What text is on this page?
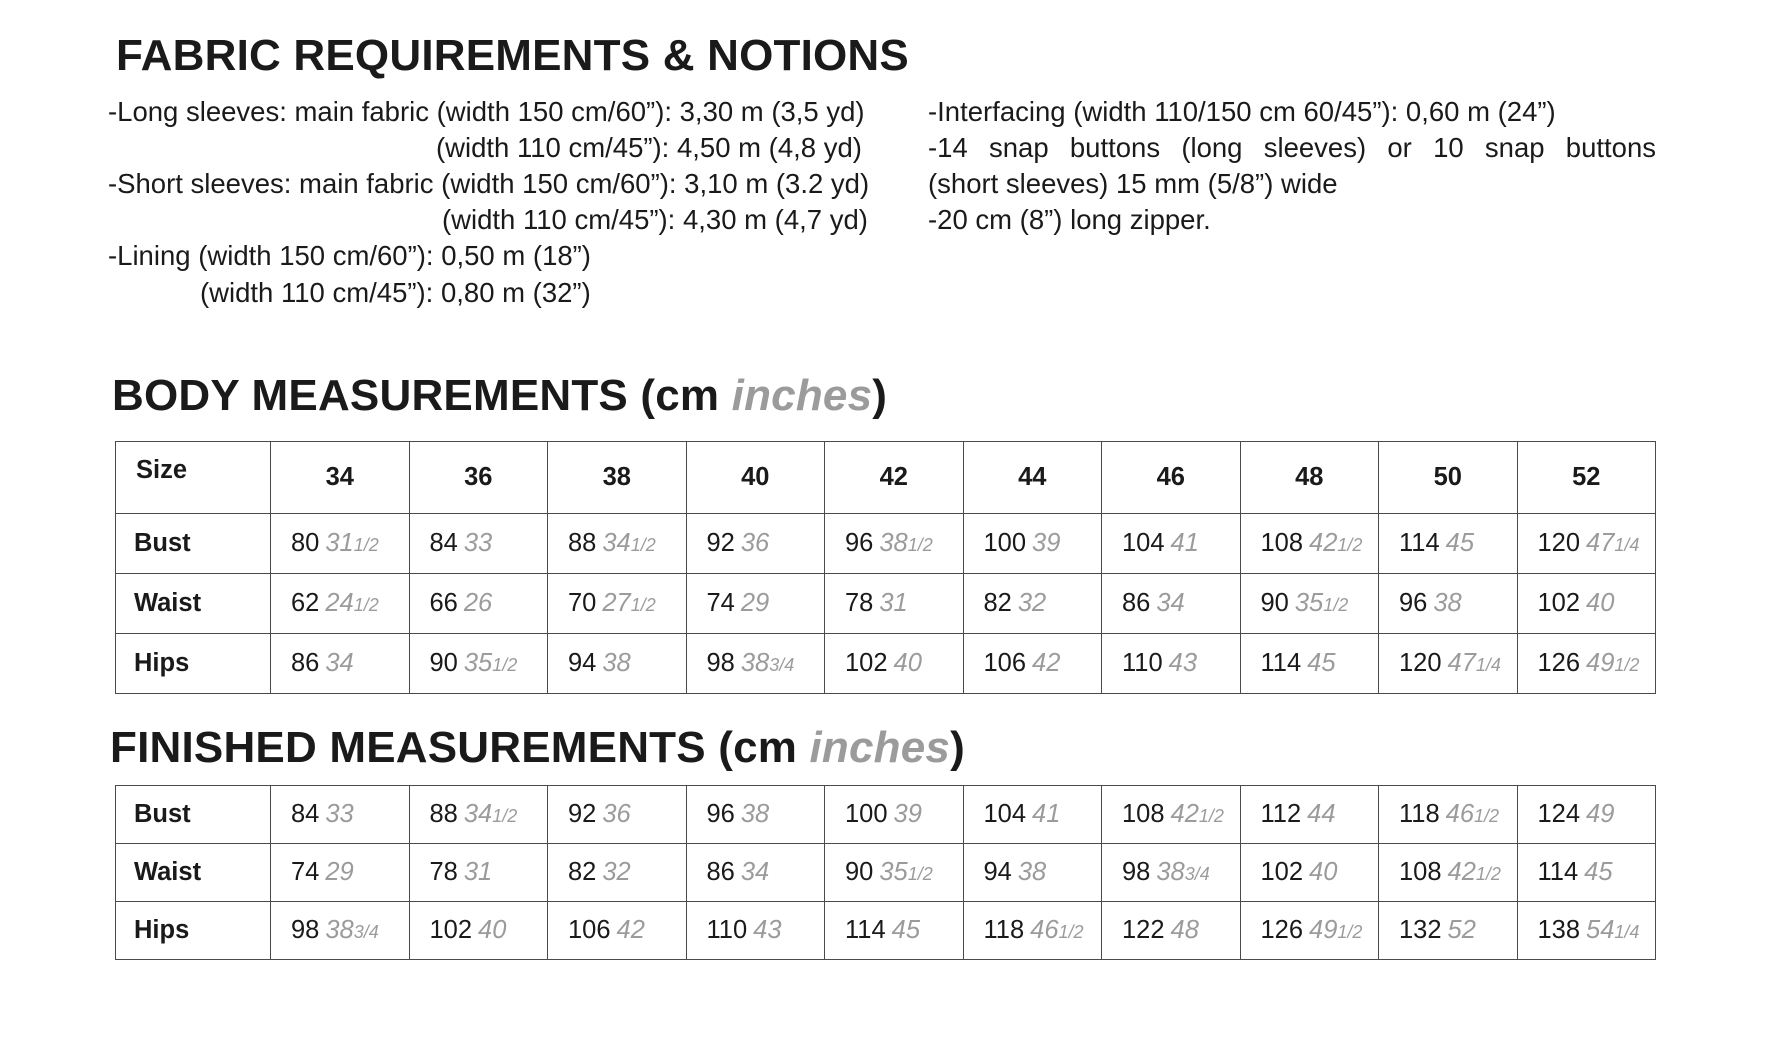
FABRIC REQUIREMENTS & NOTIONS

-Long sleeves: main fabric (width 150 cm/60”): 3,30 m (3,5 yd)

(width 110 cm/45”): 4,50 m (4,8 yd)

-Short sleeves: main fabric (width 150 cm/60”): 3,10 m (3.2 yd)

(width 110 cm/45”): 4,30 m (4,7 yd)

-Lining (width 150 cm/60”): 0,50 m (18”)

(width 110 cm/45”): 0,80 m (32”)

-Interfacing (width 110/150 cm 60/45”): 0,60 m (24”)

-14 snap buttons (long sleeves) or 10 snap buttons

(short sleeves) 15 mm (5/8”) wide

-20 cm (8”) long zipper.

BODY MEASUREMENTS (cm inches)
Size	34	36	38	40	42	44	46	48	50	52
Bust	80 311/2	84 33	88 341/2	92 36	96 381/2	100 39	104 41	108 421/2	114 45	120 471/4
Waist	62 241/2	66 26	70 271/2	74 29	78 31	82 32	86 34	90 351/2	96 38	102 40
Hips	86 34	90 351/2	94 38	98 383/4	102 40	106 42	110 43	114 45	120 471/4	126 491/2
FINISHED MEASUREMENTS (cm inches)
Bust	84 33	88 341/2	92 36	96 38	100 39	104 41	108 421/2	112 44	118 461/2	124 49
Waist	74 29	78 31	82 32	86 34	90 351/2	94 38	98 383/4	102 40	108 421/2	114 45
Hips	98 383/4	102 40	106 42	110 43	114 45	118 461/2	122 48	126 491/2	132 52	138 541/4
